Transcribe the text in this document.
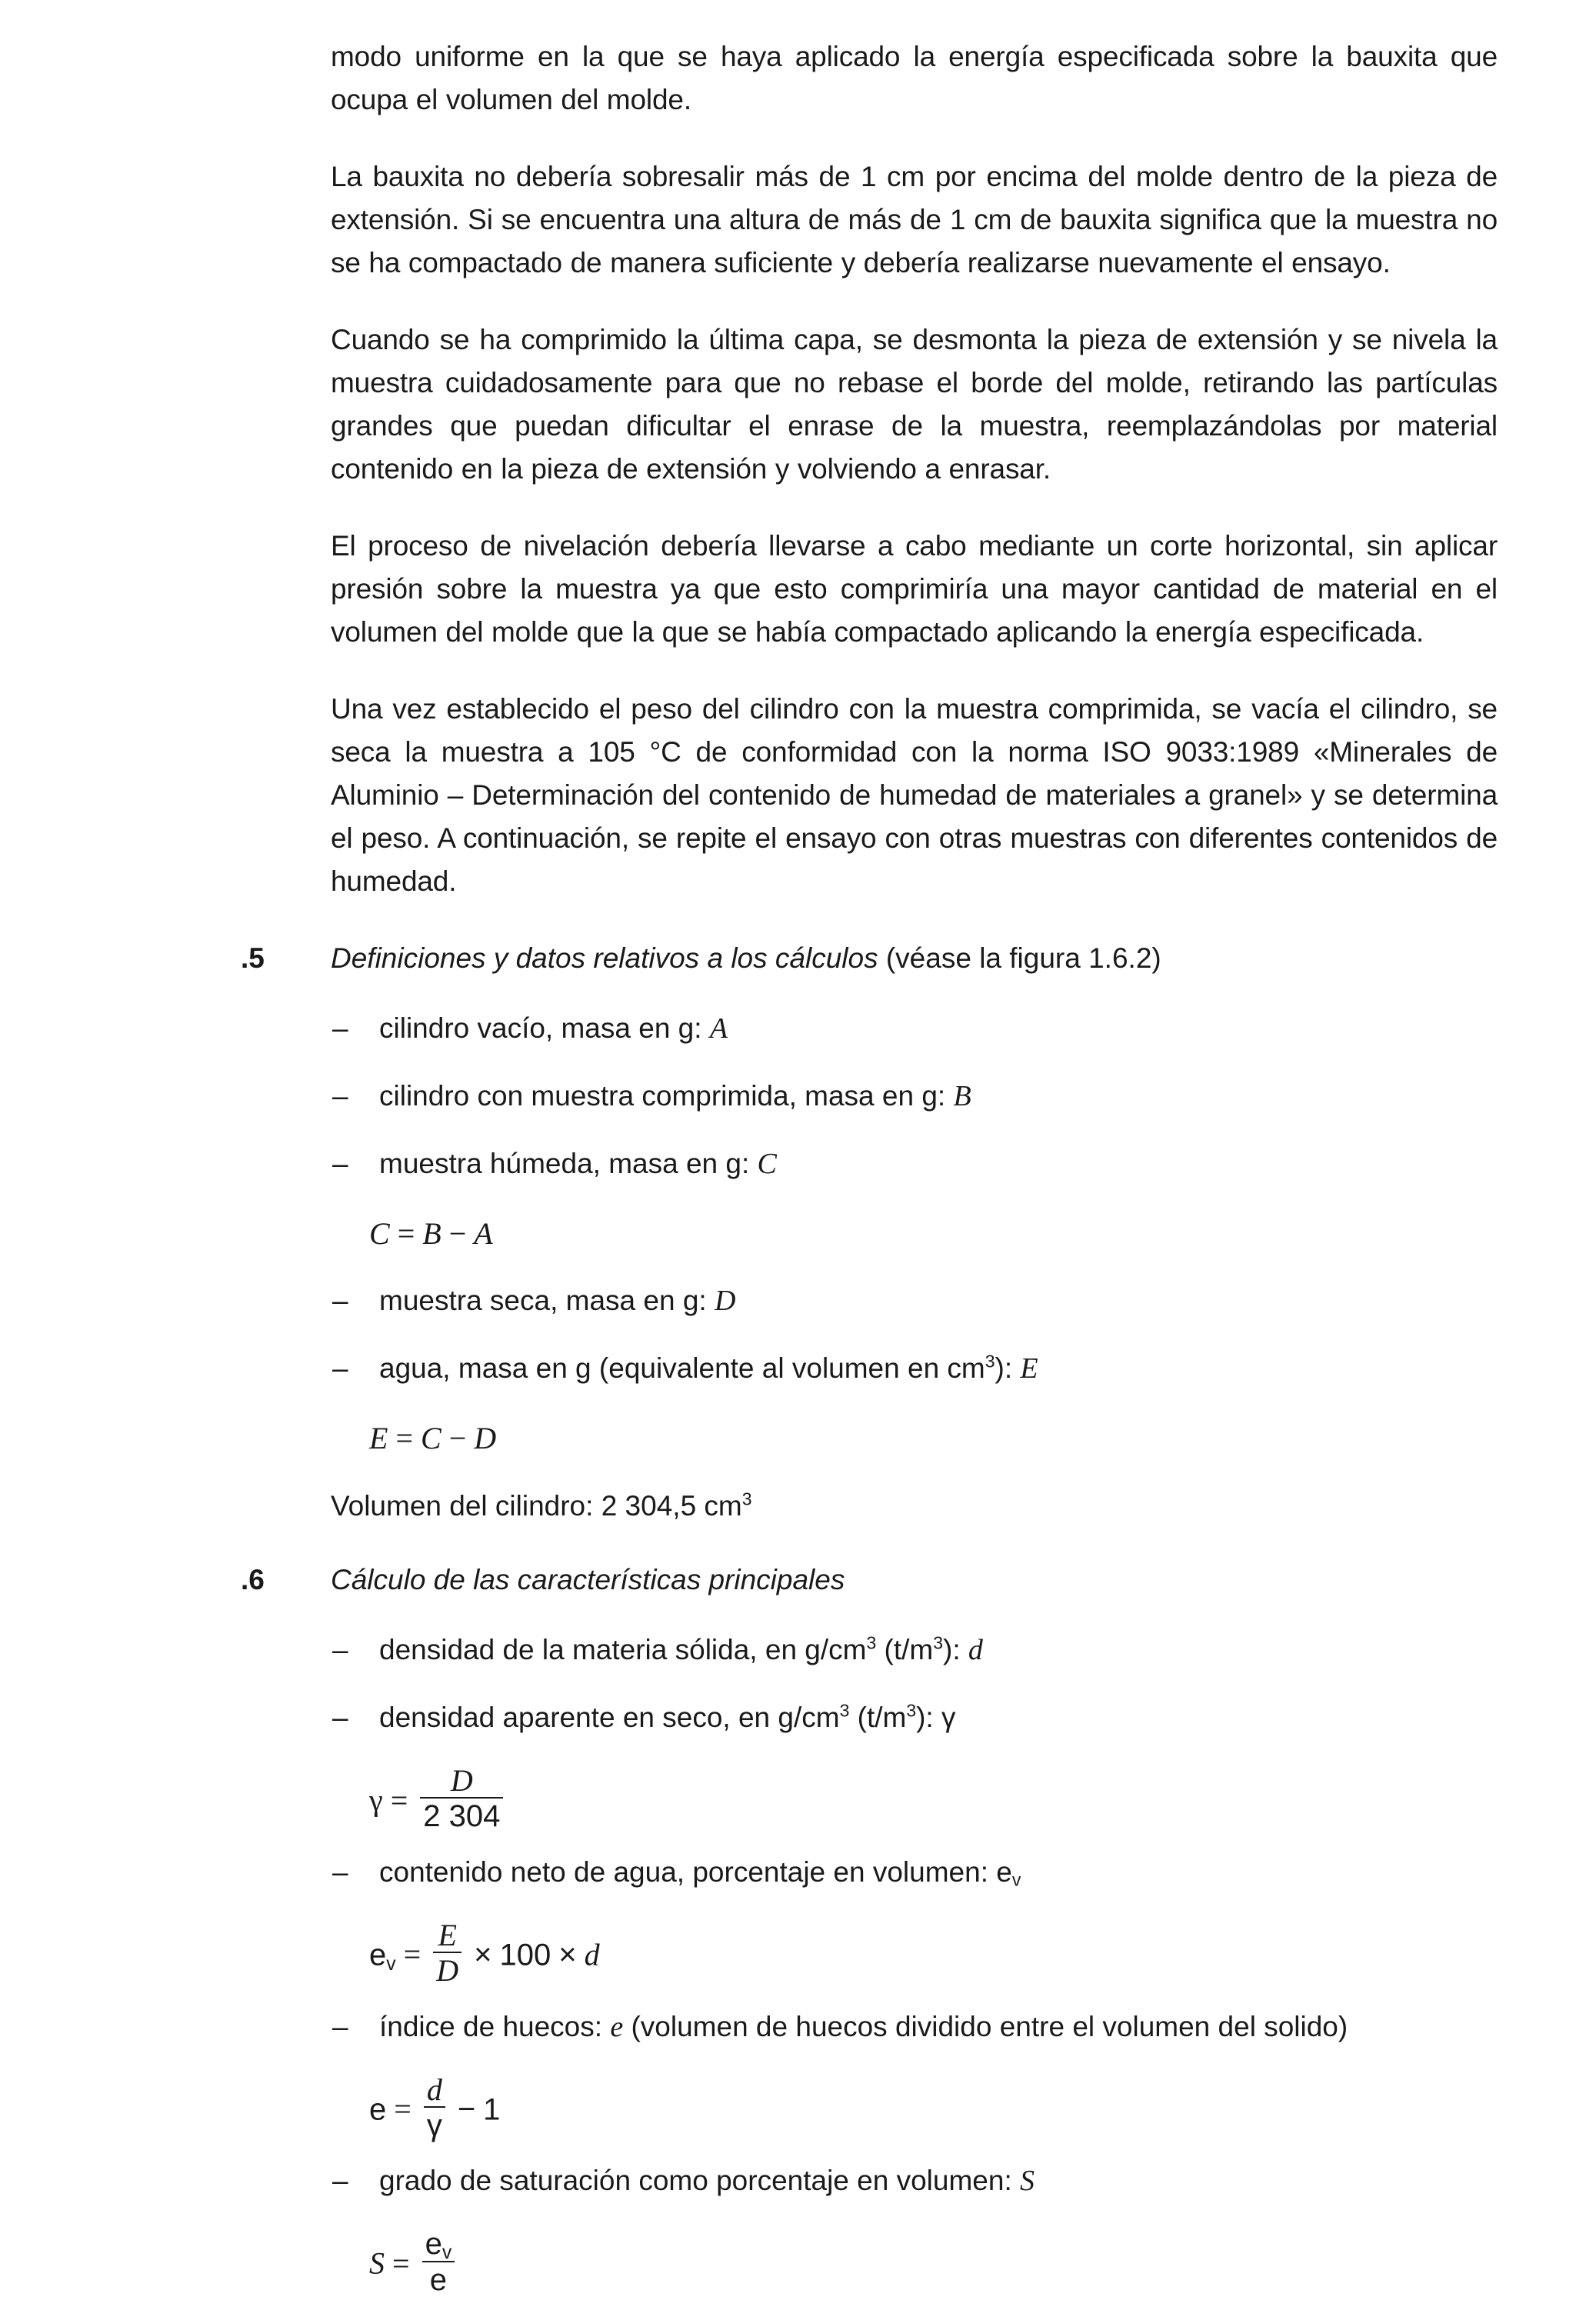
modo uniforme en la que se haya aplicado la energía especificada sobre la bauxita que ocupa el volumen del molde.

La bauxita no debería sobresalir más de 1 cm por encima del molde dentro de la pieza de extensión. Si se encuentra una altura de más de 1 cm de bauxita significa que la muestra no se ha compactado de manera suficiente y debería realizarse nuevamente el ensayo.

Cuando se ha comprimido la última capa, se desmonta la pieza de extensión y se nivela la muestra cuidadosamente para que no rebase el borde del molde, retirando las partículas grandes que puedan dificultar el enrase de la muestra, reemplazándolas por material contenido en la pieza de extensión y volviendo a enrasar.

El proceso de nivelación debería llevarse a cabo mediante un corte horizontal, sin aplicar presión sobre la muestra ya que esto comprimiría una mayor cantidad de material en el volumen del molde que la que se había compactado aplicando la energía especificada.

Una vez establecido el peso del cilindro con la muestra comprimida, se vacía el cilindro, se seca la muestra a 105 °C de conformidad con la norma ISO 9033:1989 «Minerales de Aluminio – Determinación del contenido de humedad de materiales a granel» y se determina el peso. A continuación, se repite el ensayo con otras muestras con diferentes contenidos de humedad.

.5 Definiciones y datos relativos a los cálculos (véase la figura 1.6.2)
– cilindro vacío, masa en g: A
– cilindro con muestra comprimida, masa en g: B
– muestra húmeda, masa en g: C
C = B − A
– muestra seca, masa en g: D
– agua, masa en g (equivalente al volumen en $cm^3$): E
E = C − D
Volumen del cilindro: 2 304,5 $cm^3$
.6 Cálculo de las características principales
– densidad de la materia sólida, en $g/cm^3$ $(t/m^3)$: d
– densidad aparente en seco, en $g/cm^3$ $(t/m^3)$: γ
$\gamma = \frac{D}{2 304}$
– contenido neto de agua, porcentaje en volumen: $e_v$
$e_v = \frac{E}{D} \times 100 \times d$
– índice de huecos: e (volumen de huecos dividido entre el volumen del solido)
$e = \frac{d}{\gamma} - 1$
– grado de saturación como porcentaje en volumen: S
$S = \frac{e_v}{e}$
